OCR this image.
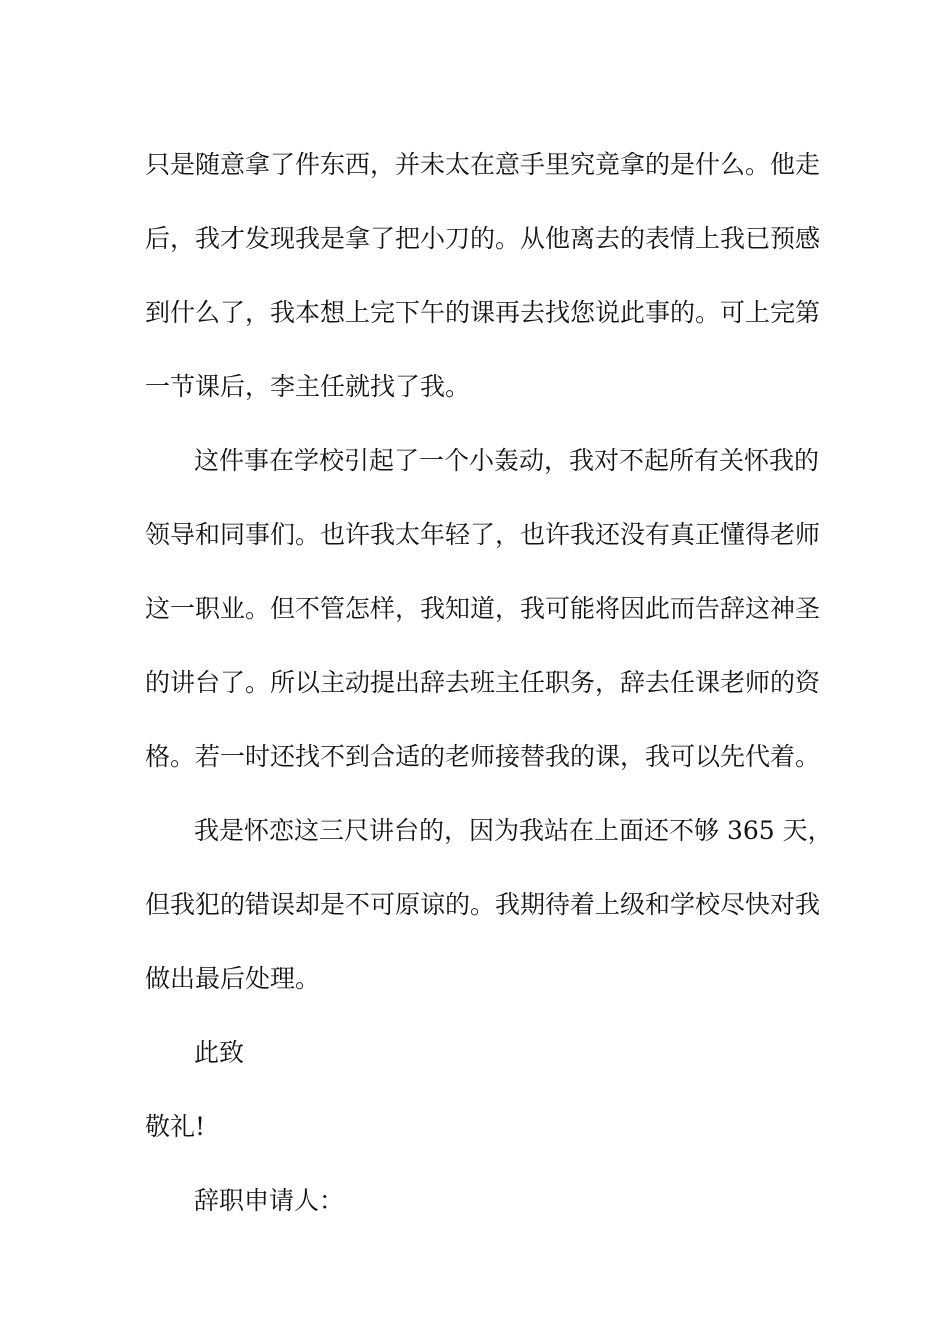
只是随意拿了件东西，并未太在意手里究竟拿的是什么。他走
后，我才发现我是拿了把小刀的。从他离去的表情上我已预感
到什么了，我本想上完下午的课再去找您说此事的。可上完第
一节课后，李主任就找了我。

这件事在学校引起了一个小轰动，我对不起所有关怀我的
领导和同事们。也许我太年轻了，也许我还没有真正懂得老师
这一职业。但不管怎样，我知道，我可能将因此而告辞这神圣
的讲台了。所以主动提出辞去班主任职务，辞去任课老师的资
格。若一时还找不到合适的老师接替我的课，我可以先代着。

我是怀恋这三尺讲台的，因为我站在上面还不够 365 天，
但我犯的错误却是不可原谅的。我期待着上级和学校尽快对我
做出最后处理。

此致

敬礼!

辞职申请人：
